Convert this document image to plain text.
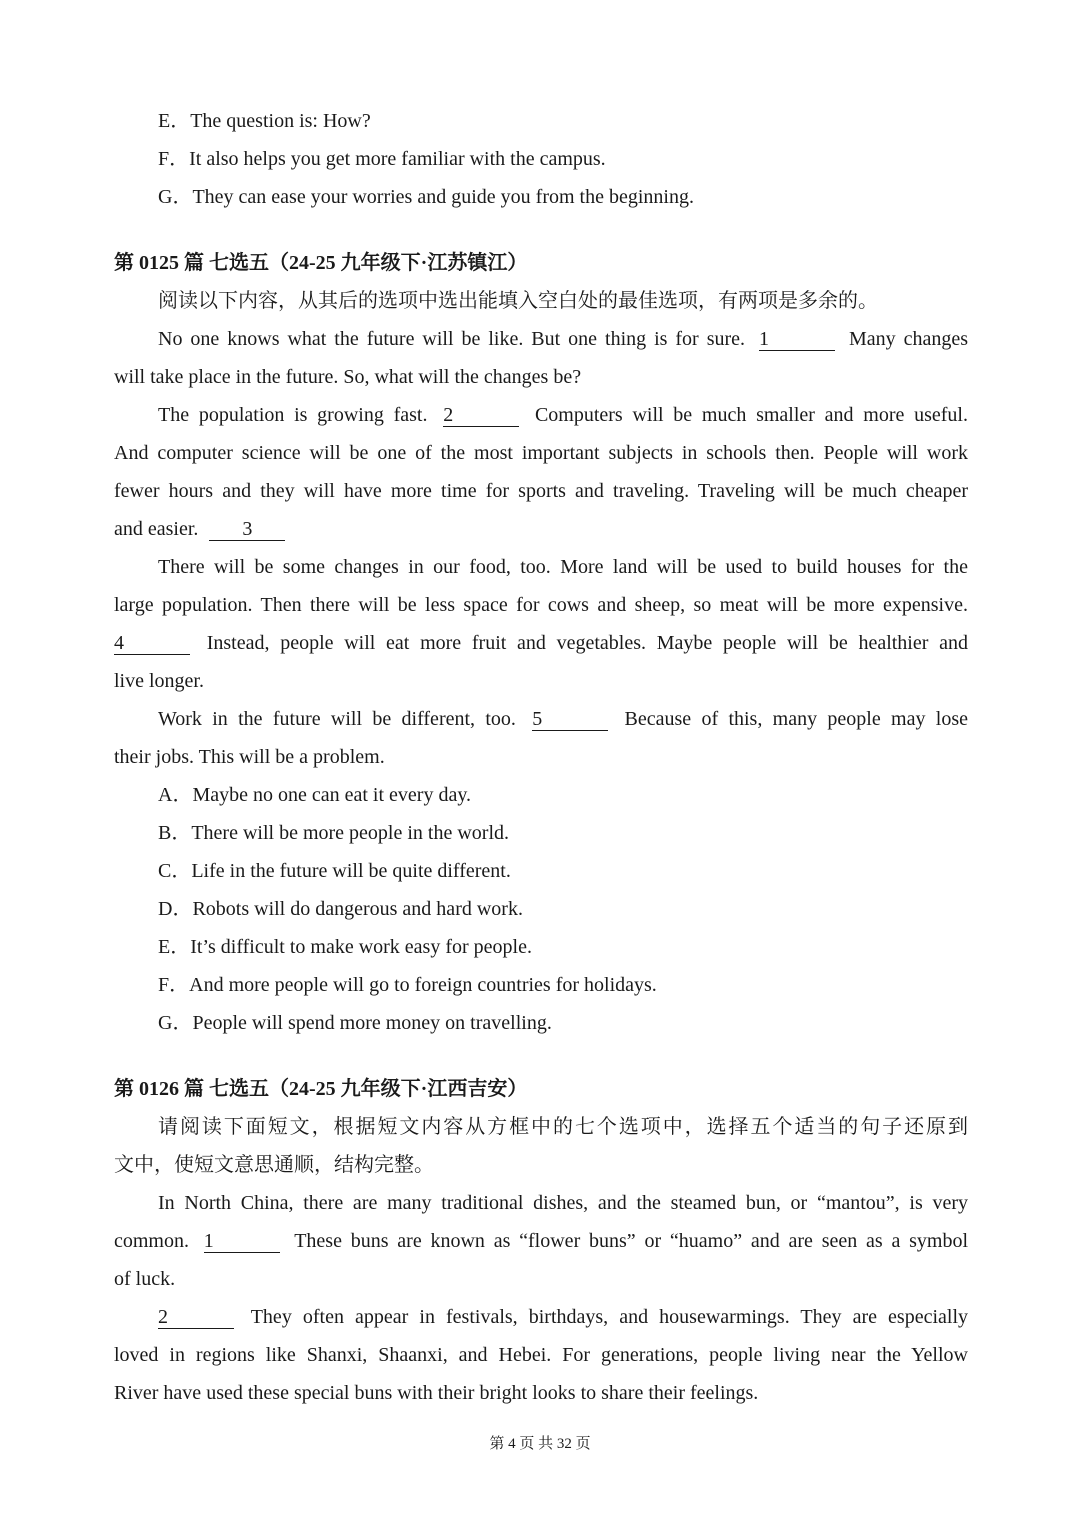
E．The question is: How?
F．It also helps you get more familiar with the campus.
G．They can ease your worries and guide you from the beginning.
第 0125 篇 七选五（24-25 九年级下·江苏镇江）
阅读以下内容，从其后的选项中选出能填入空白处的最佳选项，有两项是多余的。
No one knows what the future will be like. But one thing is for sure. 1	Many changes
will take place in the future. So, what will the changes be?
The population is growing fast. 2	Computers will be much smaller and more useful.
And computer science will be one of the most important subjects in schools then. People will work
fewer hours and they will have more time for sports and traveling. Traveling will be much cheaper
and easier. 3
There will be some changes in our food, too. More land will be used to build houses for the
large population. Then there will be less space for cows and sheep, so meat will be more expensive.
4	Instead, people will eat more fruit and vegetables. Maybe people will be healthier and
live longer.
Work in the future will be different, too. 5	Because of this, many people may lose
their jobs. This will be a problem.
A．Maybe no one can eat it every day.
B．There will be more people in the world.
C．Life in the future will be quite different.
D．Robots will do dangerous and hard work.
E．It’s difficult to make work easy for people.
F．And more people will go to foreign countries for holidays.
G．People will spend more money on travelling.
第 0126 篇 七选五（24-25 九年级下·江西吉安）
请阅读下面短文，根据短文内容从方框中的七个选项中，选择五个适当的句子还原到
文中，使短文意思通顺，结构完整。
In North China, there are many traditional dishes, and the steamed bun, or “mantou”, is very
common. 1	These buns are known as “flower buns” or “huamo” and are seen as a symbol
of luck.
2	They often appear in festivals, birthdays, and housewarmings. They are especially
loved in regions like Shanxi, Shaanxi, and Hebei. For generations, people living near the Yellow
River have used these special buns with their bright looks to share their feelings.
第 4 页 共 32 页
